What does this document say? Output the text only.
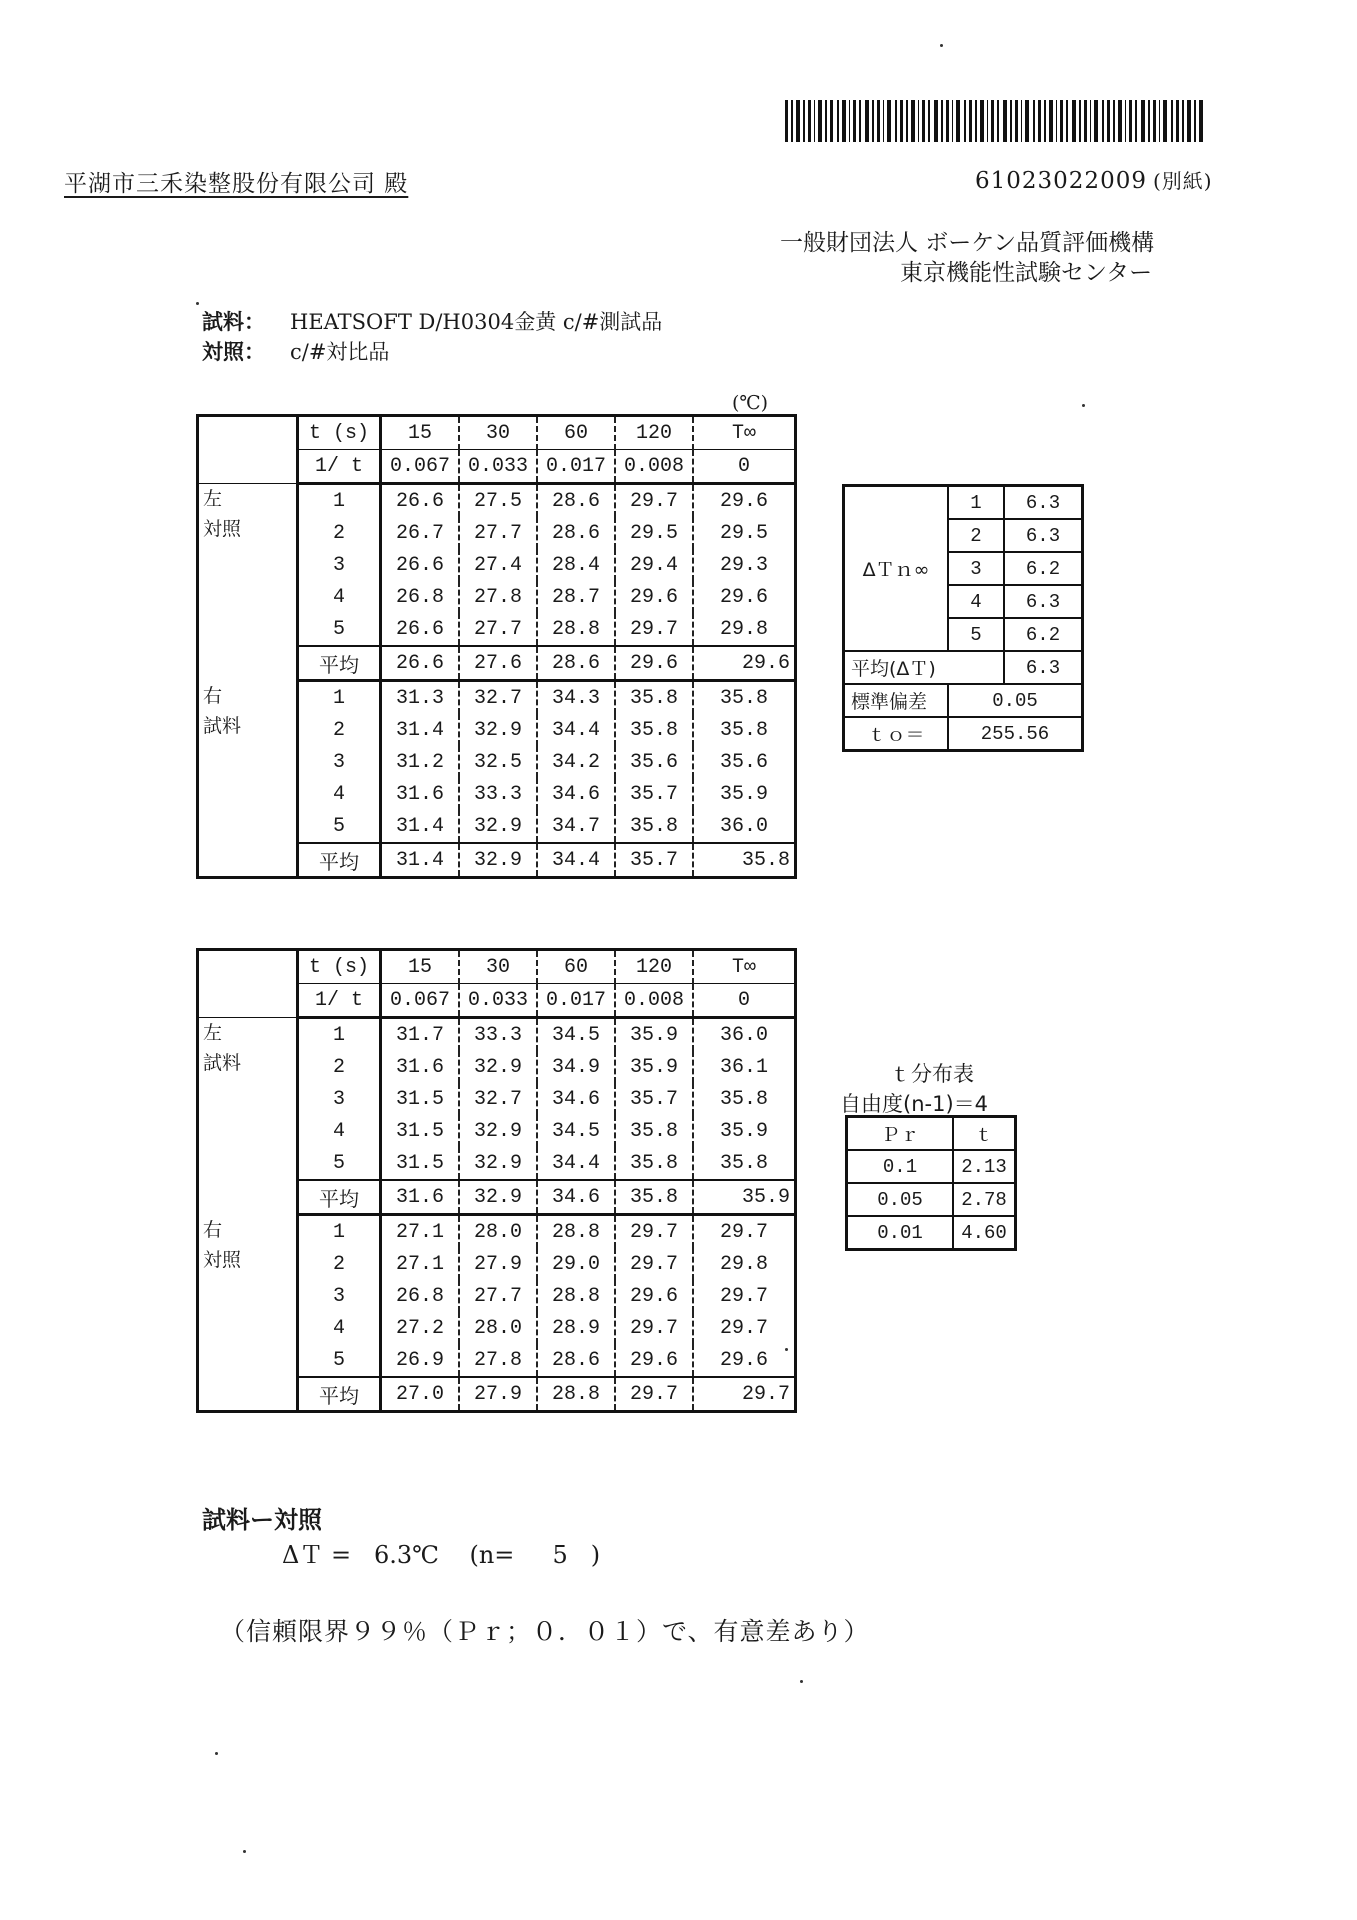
平湖市三禾染整股份有限公司 殿	61023022009 (別紙)
一般財団法人 ボーケン品質評価機構
東京機能性試験センター
試料： HEATSOFT D/H0304金黄 c/#測試品
対照： c/#対比品
(℃)
	t (s)	15	30	60	120	T∞
	1/ t	0.067	0.033	0.017	0.008	0
左
対照	1	26.6	27.5	28.6	29.7	29.6
	2	26.7	27.7	28.6	29.5	29.5
	3	26.6	27.4	28.4	29.4	29.3
	4	26.8	27.8	28.7	29.6	29.6
	5	26.6	27.7	28.8	29.7	29.8
	平均	26.6	27.6	28.6	29.6	29.6
右
試料	1	31.3	32.7	34.3	35.8	35.8
	2	31.4	32.9	34.4	35.8	35.8
	3	31.2	32.5	34.2	35.6	35.6
	4	31.6	33.3	34.6	35.7	35.9
	5	31.4	32.9	34.7	35.8	36.0
	平均	31.4	32.9	34.4	35.7	35.8
ΔＴｎ∞	1	6.3
	2	6.3
	3	6.2
	4	6.3
	5	6.2
平均(ΔＴ)		6.3
標準偏差	0.05	
ｔｏ＝	255.56	
	t (s)	15	30	60	120	T∞
	1/ t	0.067	0.033	0.017	0.008	0
左
試料	1	31.7	33.3	34.5	35.9	36.0
	2	31.6	32.9	34.9	35.9	36.1
	3	31.5	32.7	34.6	35.7	35.8
	4	31.5	32.9	34.5	35.8	35.9
	5	31.5	32.9	34.4	35.8	35.8
	平均	31.6	32.9	34.6	35.8	35.9
右
対照	1	27.1	28.0	28.8	29.7	29.7
	2	27.1	27.9	29.0	29.7	29.8
	3	26.8	27.7	28.8	29.6	29.7
	4	27.2	28.0	28.9	29.7	29.7
	5	26.9	27.8	28.6	29.6	29.6
	平均	27.0	27.9	28.8	29.7	29.7
ｔ分布表
自由度(n-1)＝4
Ｐｒ	ｔ
0.1	2.13
0.05	2.78
0.01	4.60
試料ー対照
ΔＴ =   6.3℃    (n=     5   )
（信頼限界９９％（Ｐｒ；０．０１）で、有意差あり）
